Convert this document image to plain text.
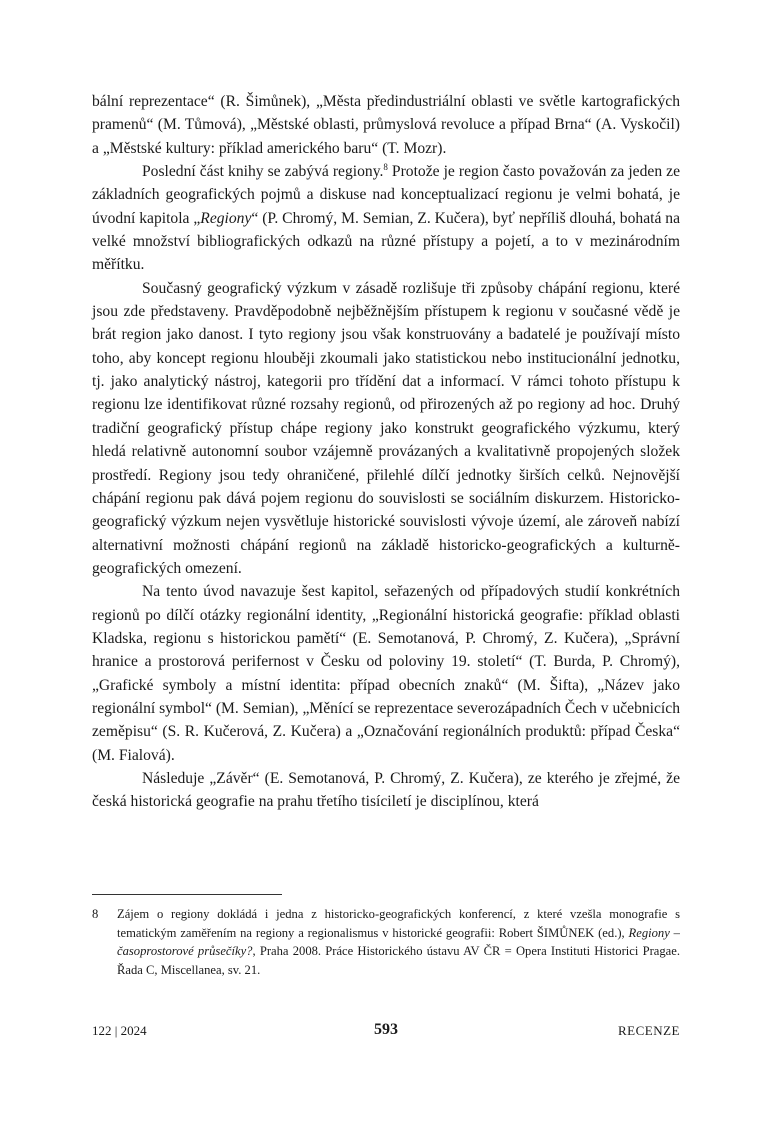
bální reprezentace“ (R. Šimůnek), „Města předindustriální oblasti ve světle kartografických pramenů“ (M. Tůmová), „Městské oblasti, průmyslová revoluce a případ Brna“ (A. Vyskočil) a „Městské kultury: příklad amerického baru“ (T. Mozr).

Poslední část knihy se zabývá regiony.$^8$ Protože je region často považován za jeden ze základních geografických pojmů a diskuse nad konceptualizací regionu je velmi bohatá, je úvodní kapitola „Regiony“ (P. Chromý, M. Semian, Z. Kučera), byť nepříliš dlouhá, bohatá na velké množství bibliografických odkazů na různé přístupy a pojetí, a to v mezinárodním měřítku.

Současný geografický výzkum v zásadě rozlišuje tři způsoby chápání regionu, které jsou zde představeny. Pravděpodobně nejběžnějším přístupem k regionu v současné vědě je brát region jako danost. I tyto regiony jsou však konstruovány a badatelé je používají místo toho, aby koncept regionu hlouběji zkoumali jako statistickou nebo institucionální jednotku, tj. jako analytický nástroj, kategorii pro třídění dat a informací. V rámci tohoto přístupu k regionu lze identifikovat různé rozsahy regionů, od přirozených až po regiony ad hoc. Druhý tradiční geografický přístup chápe regiony jako konstrukt geografického výzkumu, který hledá relativně autonomní soubor vzájemně provázaných a kvalitativně propojených složek prostředí. Regiony jsou tedy ohraničené, přilehlé dílčí jednotky širších celků. Nejnovější chápání regionu pak dává pojem regionu do souvislosti se sociálním diskurzem. Historicko-geografický výzkum nejen vysvětluje historické souvislosti vývoje území, ale zároveň nabízí alternativní možnosti chápání regionů na základě historicko-geografických a kulturně-geografických omezení.

Na tento úvod navazuje šest kapitol, seřazených od případových studií konkrétních regionů po dílčí otázky regionální identity, „Regionální historická geografie: příklad oblasti Kladska, regionu s historickou pamětí“ (E. Semotanová, P. Chromý, Z. Kučera), „Správní hranice a prostorová perifernost v Česku od poloviny 19. století“ (T. Burda, P. Chromý), „Grafické symboly a místní identita: případ obecních znaků“ (M. Šifta), „Název jako regionální symbol“ (M. Semian), „Měnící se reprezentace severozápadních Čech v učebnicích zeměpisu“ (S. R. Kučerová, Z. Kučera) a „Označování regionálních produktů: případ Česka“ (M. Fialová).

Následuje „Závěr“ (E. Semotanová, P. Chromý, Z. Kučera), ze kterého je zřejmé, že česká historická geografie na prahu třetího tisíciletí je disciplínou, která

8	Zájem o regiony dokládá i jedna z historicko-geografických konferencí, z které vzešla monografie s tematickým zaměřením na regiony a regionalismus v historické geografii: Robert ŠIMŮNEK (ed.), Regiony – časoprostorové průsečíky?, Praha 2008. Práce Historického ústavu AV ČR = Opera Instituti Historici Pragae. Řada C, Miscellanea, sv. 21.
122 | 2024	593	RECENZE
